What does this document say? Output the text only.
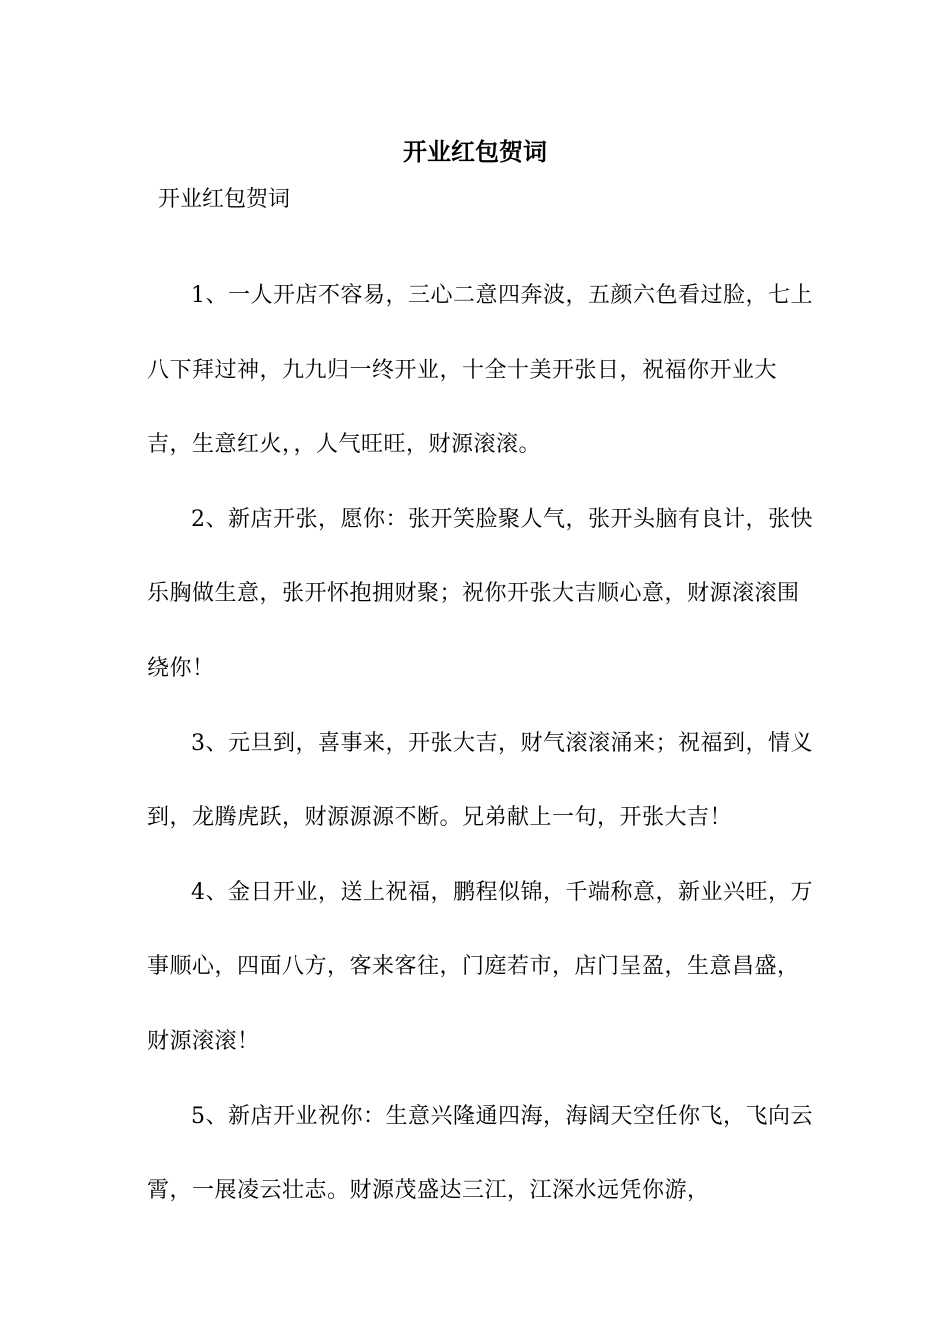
开业红包贺词
开业红包贺词

1、一人开店不容易，三心二意四奔波，五颜六色看过脸，七上八下拜过神，九九归一终开业，十全十美开张日，祝福你开业大吉，生意红火，，人气旺旺，财源滚滚。

2、新店开张，愿你：张开笑脸聚人气，张开头脑有良计，张快乐胸做生意，张开怀抱拥财聚；祝你开张大吉顺心意，财源滚滚围绕你！

3、元旦到，喜事来，开张大吉，财气滚滚涌来；祝福到，情义到，龙腾虎跃，财源源源不断。兄弟献上一句，开张大吉！

4、金日开业，送上祝福，鹏程似锦，千端称意，新业兴旺，万事顺心，四面八方，客来客往，门庭若市，店门呈盈，生意昌盛，财源滚滚！

5、新店开业祝你：生意兴隆通四海，海阔天空任你飞，飞向云霄，一展凌云壮志。财源茂盛达三江，江深水远凭你游，
